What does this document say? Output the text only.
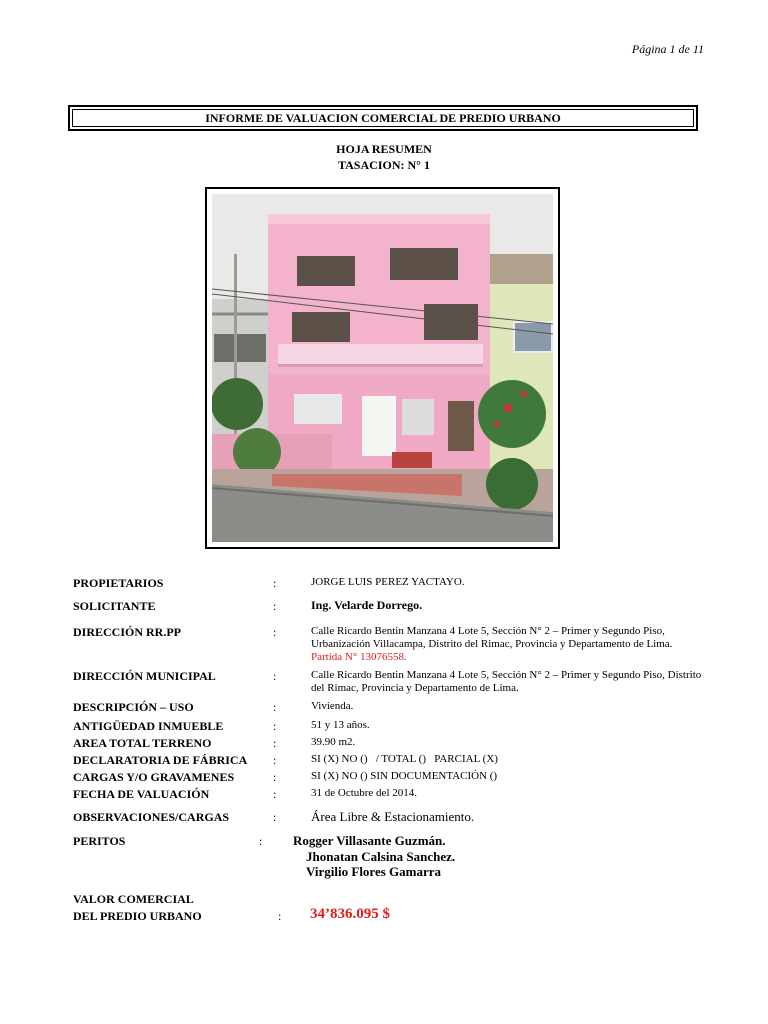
Página 1 de 11
INFORME DE VALUACION COMERCIAL DE PREDIO URBANO
HOJA RESUMEN
TASACION: N° 1
PROPIETARIOS	:	JORGE LUIS PEREZ YACTAYO.
SOLICITANTE	:	Ing. Velarde Dorrego.
DIRECCIÓN RR.PP	:	Calle Ricardo Bentin Manzana 4 Lote 5, Sección N° 2 – Primer y Segundo Piso, Urbanización Villacampa, Distrito del Rimac, Provincia y Departamento de Lima.
Partida N° 13076558.
DIRECCIÓN MUNICIPAL	:	Calle Ricardo Bentin Manzana 4 Lote 5, Sección N° 2 – Primer y Segundo Piso, Distrito del Rimac, Provincia y Departamento de Lima.
DESCRIPCIÓN – USO	:	Vivienda.
ANTIGÜEDAD INMUEBLE	:	51 y 13 años.
AREA TOTAL TERRENO	:	39.90 m2.
DECLARATORIA DE FÁBRICA :	SI (X) NO ()   / TOTAL ()   PARCIAL (X)
CARGAS Y/O GRAVAMENES	:	SI (X) NO () SIN DOCUMENTACIÓN ()
FECHA DE VALUACIÓN	:	31 de Octubre del 2014.
OBSERVACIONES/CARGAS	:	Área Libre & Estacionamiento.
PERITOS	: Rogger Villasante Guzmán.
Jhonatan Calsina Sanchez.
Virgilio Flores Gamarra
VALOR COMERCIAL
DEL PREDIO URBANO	: 34’836.095 $
